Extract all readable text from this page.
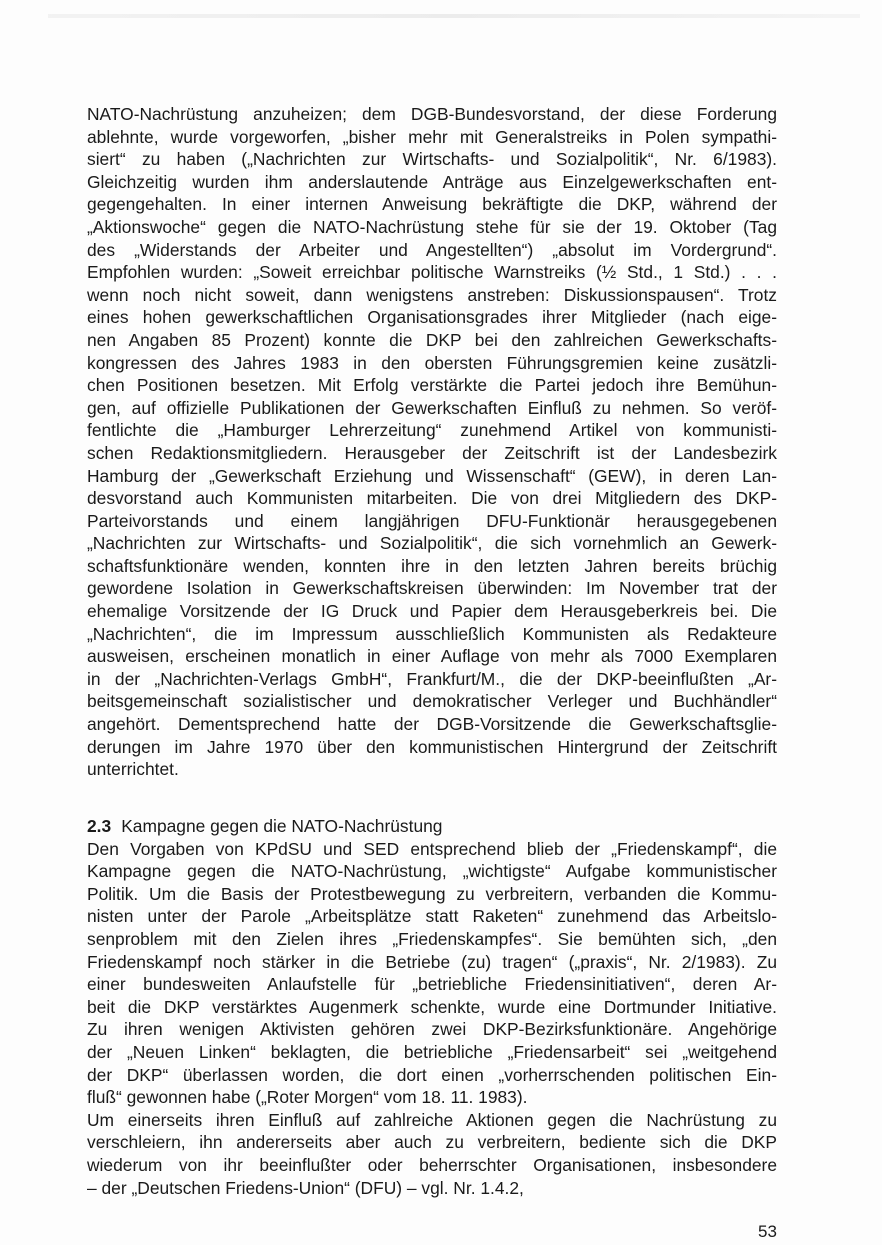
NATO-Nachrüstung anzuheizen; dem DGB-Bundesvorstand, der diese Forderung
ablehnte, wurde vorgeworfen, „bisher mehr mit Generalstreiks in Polen sympathi-
siert“ zu haben („Nachrichten zur Wirtschafts- und Sozialpolitik“, Nr. 6/1983).
Gleichzeitig wurden ihm anderslautende Anträge aus Einzelgewerkschaften ent-
gegengehalten. In einer internen Anweisung bekräftigte die DKP, während der
„Aktionswoche“ gegen die NATO-Nachrüstung stehe für sie der 19. Oktober (Tag
des „Widerstands der Arbeiter und Angestellten“) „absolut im Vordergrund“.
Empfohlen wurden: „Soweit erreichbar politische Warnstreiks (½ Std., 1 Std.) . . .
wenn noch nicht soweit, dann wenigstens anstreben: Diskussionspausen“. Trotz
eines hohen gewerkschaftlichen Organisationsgrades ihrer Mitglieder (nach eige-
nen Angaben 85 Prozent) konnte die DKP bei den zahlreichen Gewerkschafts-
kongressen des Jahres 1983 in den obersten Führungsgremien keine zusätzli-
chen Positionen besetzen. Mit Erfolg verstärkte die Partei jedoch ihre Bemühun-
gen, auf offizielle Publikationen der Gewerkschaften Einfluß zu nehmen. So veröf-
fentlichte die „Hamburger Lehrerzeitung“ zunehmend Artikel von kommunisti-
schen Redaktionsmitgliedern. Herausgeber der Zeitschrift ist der Landesbezirk
Hamburg der „Gewerkschaft Erziehung und Wissenschaft“ (GEW), in deren Lan-
desvorstand auch Kommunisten mitarbeiten. Die von drei Mitgliedern des DKP-
Parteivorstands und einem langjährigen DFU-Funktionär herausgegebenen
„Nachrichten zur Wirtschafts- und Sozialpolitik“, die sich vornehmlich an Gewerk-
schaftsfunktionäre wenden, konnten ihre in den letzten Jahren bereits brüchig
gewordene Isolation in Gewerkschaftskreisen überwinden: Im November trat der
ehemalige Vorsitzende der IG Druck und Papier dem Herausgeberkreis bei. Die
„Nachrichten“, die im Impressum ausschließlich Kommunisten als Redakteure
ausweisen, erscheinen monatlich in einer Auflage von mehr als 7000 Exemplaren
in der „Nachrichten-Verlags GmbH“, Frankfurt/M., die der DKP-beeinflußten „Ar-
beitsgemeinschaft sozialistischer und demokratischer Verleger und Buchhändler“
angehört. Dementsprechend hatte der DGB-Vorsitzende die Gewerkschaftsglie-
derungen im Jahre 1970 über den kommunistischen Hintergrund der Zeitschrift
unterrichtet.
2.3 Kampagne gegen die NATO-Nachrüstung
Den Vorgaben von KPdSU und SED entsprechend blieb der „Friedenskampf“, die
Kampagne gegen die NATO-Nachrüstung, „wichtigste“ Aufgabe kommunistischer
Politik. Um die Basis der Protestbewegung zu verbreitern, verbanden die Kommu-
nisten unter der Parole „Arbeitsplätze statt Raketen“ zunehmend das Arbeitslo-
senproblem mit den Zielen ihres „Friedenskampfes“. Sie bemühten sich, „den
Friedenskampf noch stärker in die Betriebe (zu) tragen“ („praxis“, Nr. 2/1983). Zu
einer bundesweiten Anlaufstelle für „betriebliche Friedensinitiativen“, deren Ar-
beit die DKP verstärktes Augenmerk schenkte, wurde eine Dortmunder Initiative.
Zu ihren wenigen Aktivisten gehören zwei DKP-Bezirksfunktionäre. Angehörige
der „Neuen Linken“ beklagten, die betriebliche „Friedensarbeit“ sei „weitgehend
der DKP“ überlassen worden, die dort einen „vorherrschenden politischen Ein-
fluß“ gewonnen habe („Roter Morgen“ vom 18. 11. 1983).
Um einerseits ihren Einfluß auf zahlreiche Aktionen gegen die Nachrüstung zu
verschleiern, ihn andererseits aber auch zu verbreitern, bediente sich die DKP
wiederum von ihr beeinflußter oder beherrschter Organisationen, insbesondere
– der „Deutschen Friedens-Union“ (DFU) – vgl. Nr. 1.4.2,
53
